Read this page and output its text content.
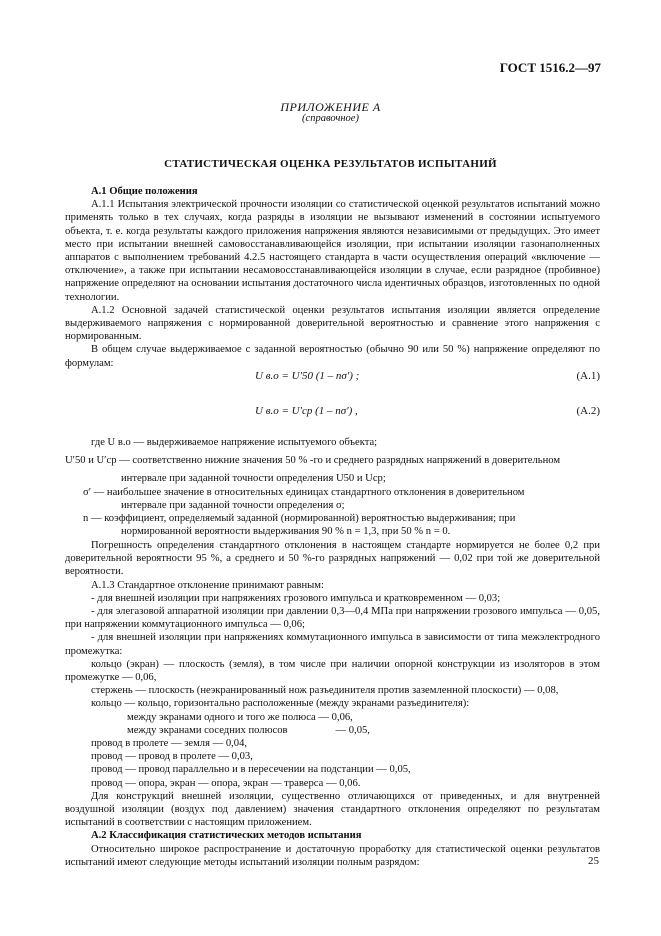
ГОСТ 1516.2—97
ПРИЛОЖЕНИЕ А
(справочное)
СТАТИСТИЧЕСКАЯ ОЦЕНКА РЕЗУЛЬТАТОВ ИСПЫТАНИЙ

А.1 Общие положения

А.1.1 Испытания электрической прочности изоляции со статистической оценкой результатов испытаний можно применять только в тех случаях, когда разряды в изоляции не вызывают изменений в состоянии испытуемого объекта, т. е. когда результаты каждого приложения напряжения являются независимыми от предыдущих. Это имеет место при испытании внешней самовосстанавливающейся изоляции, при испытании изоляции газонаполненных аппаратов с выполнением требований 4.2.5 настоящего стандарта в части осуществления операций «включение — отключение», а также при испытании несамовосстанавливающейся изоляции в случае, если разрядное (пробивное) напряжение определяют на основании испытания достаточного числа идентичных образцов, изготовленных по одной технологии.

А.1.2 Основной задачей статистической оценки результатов испытания изоляции является определение выдерживаемого напряжения с нормированной доверительной вероятностью и сравнение этого напряжения с нормированным.

В общем случае выдерживаемое с заданной вероятностью (обычно 90 или 50 %) напряжение определяют по формулам:

U в.о = U′50 (1 – nσ′) ;	(А.1)
U в.о = U′ср (1 – nσ′) ,	(А.2)

где U в.о — выдерживаемое напряжение испытуемого объекта;

U′50 и U′ср — соответственно нижние значения 50 % -го и среднего разрядных напряжений в доверительном

интервале при заданной точности определения U50 и Uср;

σ′ — наибольшее значение в относительных единицах стандартного отклонения в доверительном

интервале при заданной точности определения σ;

n — коэффициент, определяемый заданной (нормированной) вероятностью выдерживания; при

нормированной вероятности выдерживания 90 % n = 1,3, при 50 % n = 0.

Погрешность определения стандартного отклонения в настоящем стандарте нормируется не более 0,2 при доверительной вероятности 95 %, а среднего и 50 %-го разрядных напряжений — 0,02 при той же доверительной вероятности.

А.1.3 Стандартное отклонение принимают равным:

- для внешней изоляции при напряжениях грозового импульса и кратковременном — 0,03;

- для элегазовой аппаратной изоляции при давлении 0,3—0,4 МПа при напряжении грозового импульса — 0,05, при напряжении коммутационного импульса — 0,06;

- для внешней изоляции при напряжениях коммутационного импульса в зависимости от типа межэлектродного промежутка:

кольцо (экран) — плоскость (земля), в том числе при наличии опорной конструкции из изоляторов в этом промежутке — 0,06,

стержень — плоскость (неэкранированный нож разъединителя против заземленной плоскости) — 0,08,

кольцо — кольцо, горизонтально расположенные (между экранами разъединителя):

между экранами одного и того же полюса — 0,06,

между экранами соседних полюсов	— 0,05,

провод в пролете — земля — 0,04,

провод — провод в пролете — 0,03,

провод — провод параллельно и в пересечении на подстанции — 0,05,

провод — опора, экран — опора, экран — траверса — 0,06.

Для конструкций внешней изоляции, существенно отличающихся от приведенных, и для внутренней воздушной изоляции (воздух под давлением) значения стандартного отклонения определяют по результатам испытаний в соответствии с настоящим приложением.

А.2 Классификация статистических методов испытания

Относительно широкое распространение и достаточную проработку для статистической оценки результатов испытаний имеют следующие методы испытаний изоляции полным разрядом:	25
